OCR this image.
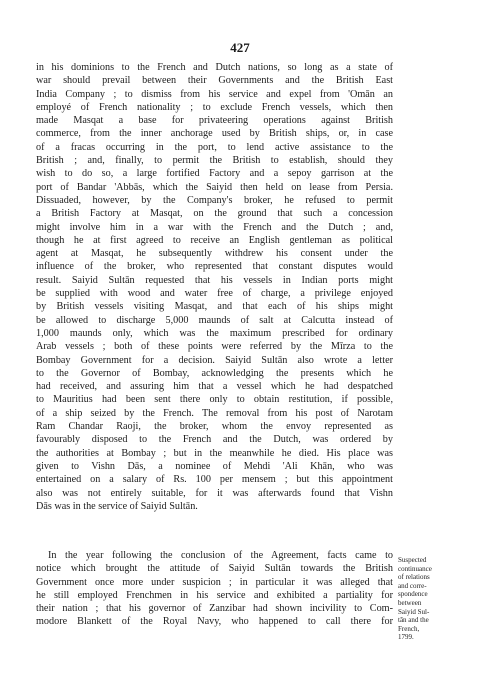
427
in his dominions to the French and Dutch nations, so long as a state of
war should prevail between their Governments and the British East
India Company ; to dismiss from his service and expel from 'Omān an
employé of French nationality ; to exclude French vessels, which then
made Masqat a base for privateering operations against British
commerce, from the inner anchorage used by British ships, or, in case
of a fracas occurring in the port, to lend active assistance to the
British ; and, finally, to permit the British to establish, should they
wish to do so, a large fortified Factory and a sepoy garrison at the
port of Bandar 'Abbās, which the Saiyid then held on lease from Persia.
Dissuaded, however, by the Company's broker, he refused to permit
a British Factory at Masqat, on the ground that such a concession
might involve him in a war with the French and the Dutch ; and,
though he at first agreed to receive an English gentleman as political
agent at Masqat, he subsequently withdrew his consent under the
influence of the broker, who represented that constant disputes would
result. Saiyid Sultān requested that his vessels in Indian ports might
be supplied with wood and water free of charge, a privilege enjoyed
by British vessels visiting Masqat, and that each of his ships might
be allowed to discharge 5,000 maunds of salt at Calcutta instead of
1,000 maunds only, which was the maximum prescribed for ordinary
Arab vessels ; both of these points were referred by the Mīrza to the
Bombay Government for a decision. Saiyid Sultān also wrote a letter
to the Governor of Bombay, acknowledging the presents which he
had received, and assuring him that a vessel which he had despatched
to Mauritius had been sent there only to obtain restitution, if possible,
of a ship seized by the French. The removal from his post of Narotam
Ram Chandar Raoji, the broker, whom the envoy represented as
favourably disposed to the French and the Dutch, was ordered by
the authorities at Bombay ; but in the meanwhile he died. His place was
given to Vishn Dās, a nominee of Mehdi 'Ali Khān, who was
entertained on a salary of Rs. 100 per mensem ; but this appointment
also was not entirely suitable, for it was afterwards found that Vishn
Dās was in the service of Saiyid Sultān.
In the year following the conclusion of the Agreement, facts came to
notice which brought the attitude of Saiyid Sultān towards the British
Government once more under suspicion ; in particular it was alleged that
he still employed Frenchmen in his service and exhibited a partiality for
their nation ; that his governor of Zanzibar had shown incivility to Com-
modore Blankett of the Royal Navy, who happened to call there for
Suspected
continuance
of relations
and corre-
spondence
between
Saiyid Sul-
tān and the
French,
1799.
